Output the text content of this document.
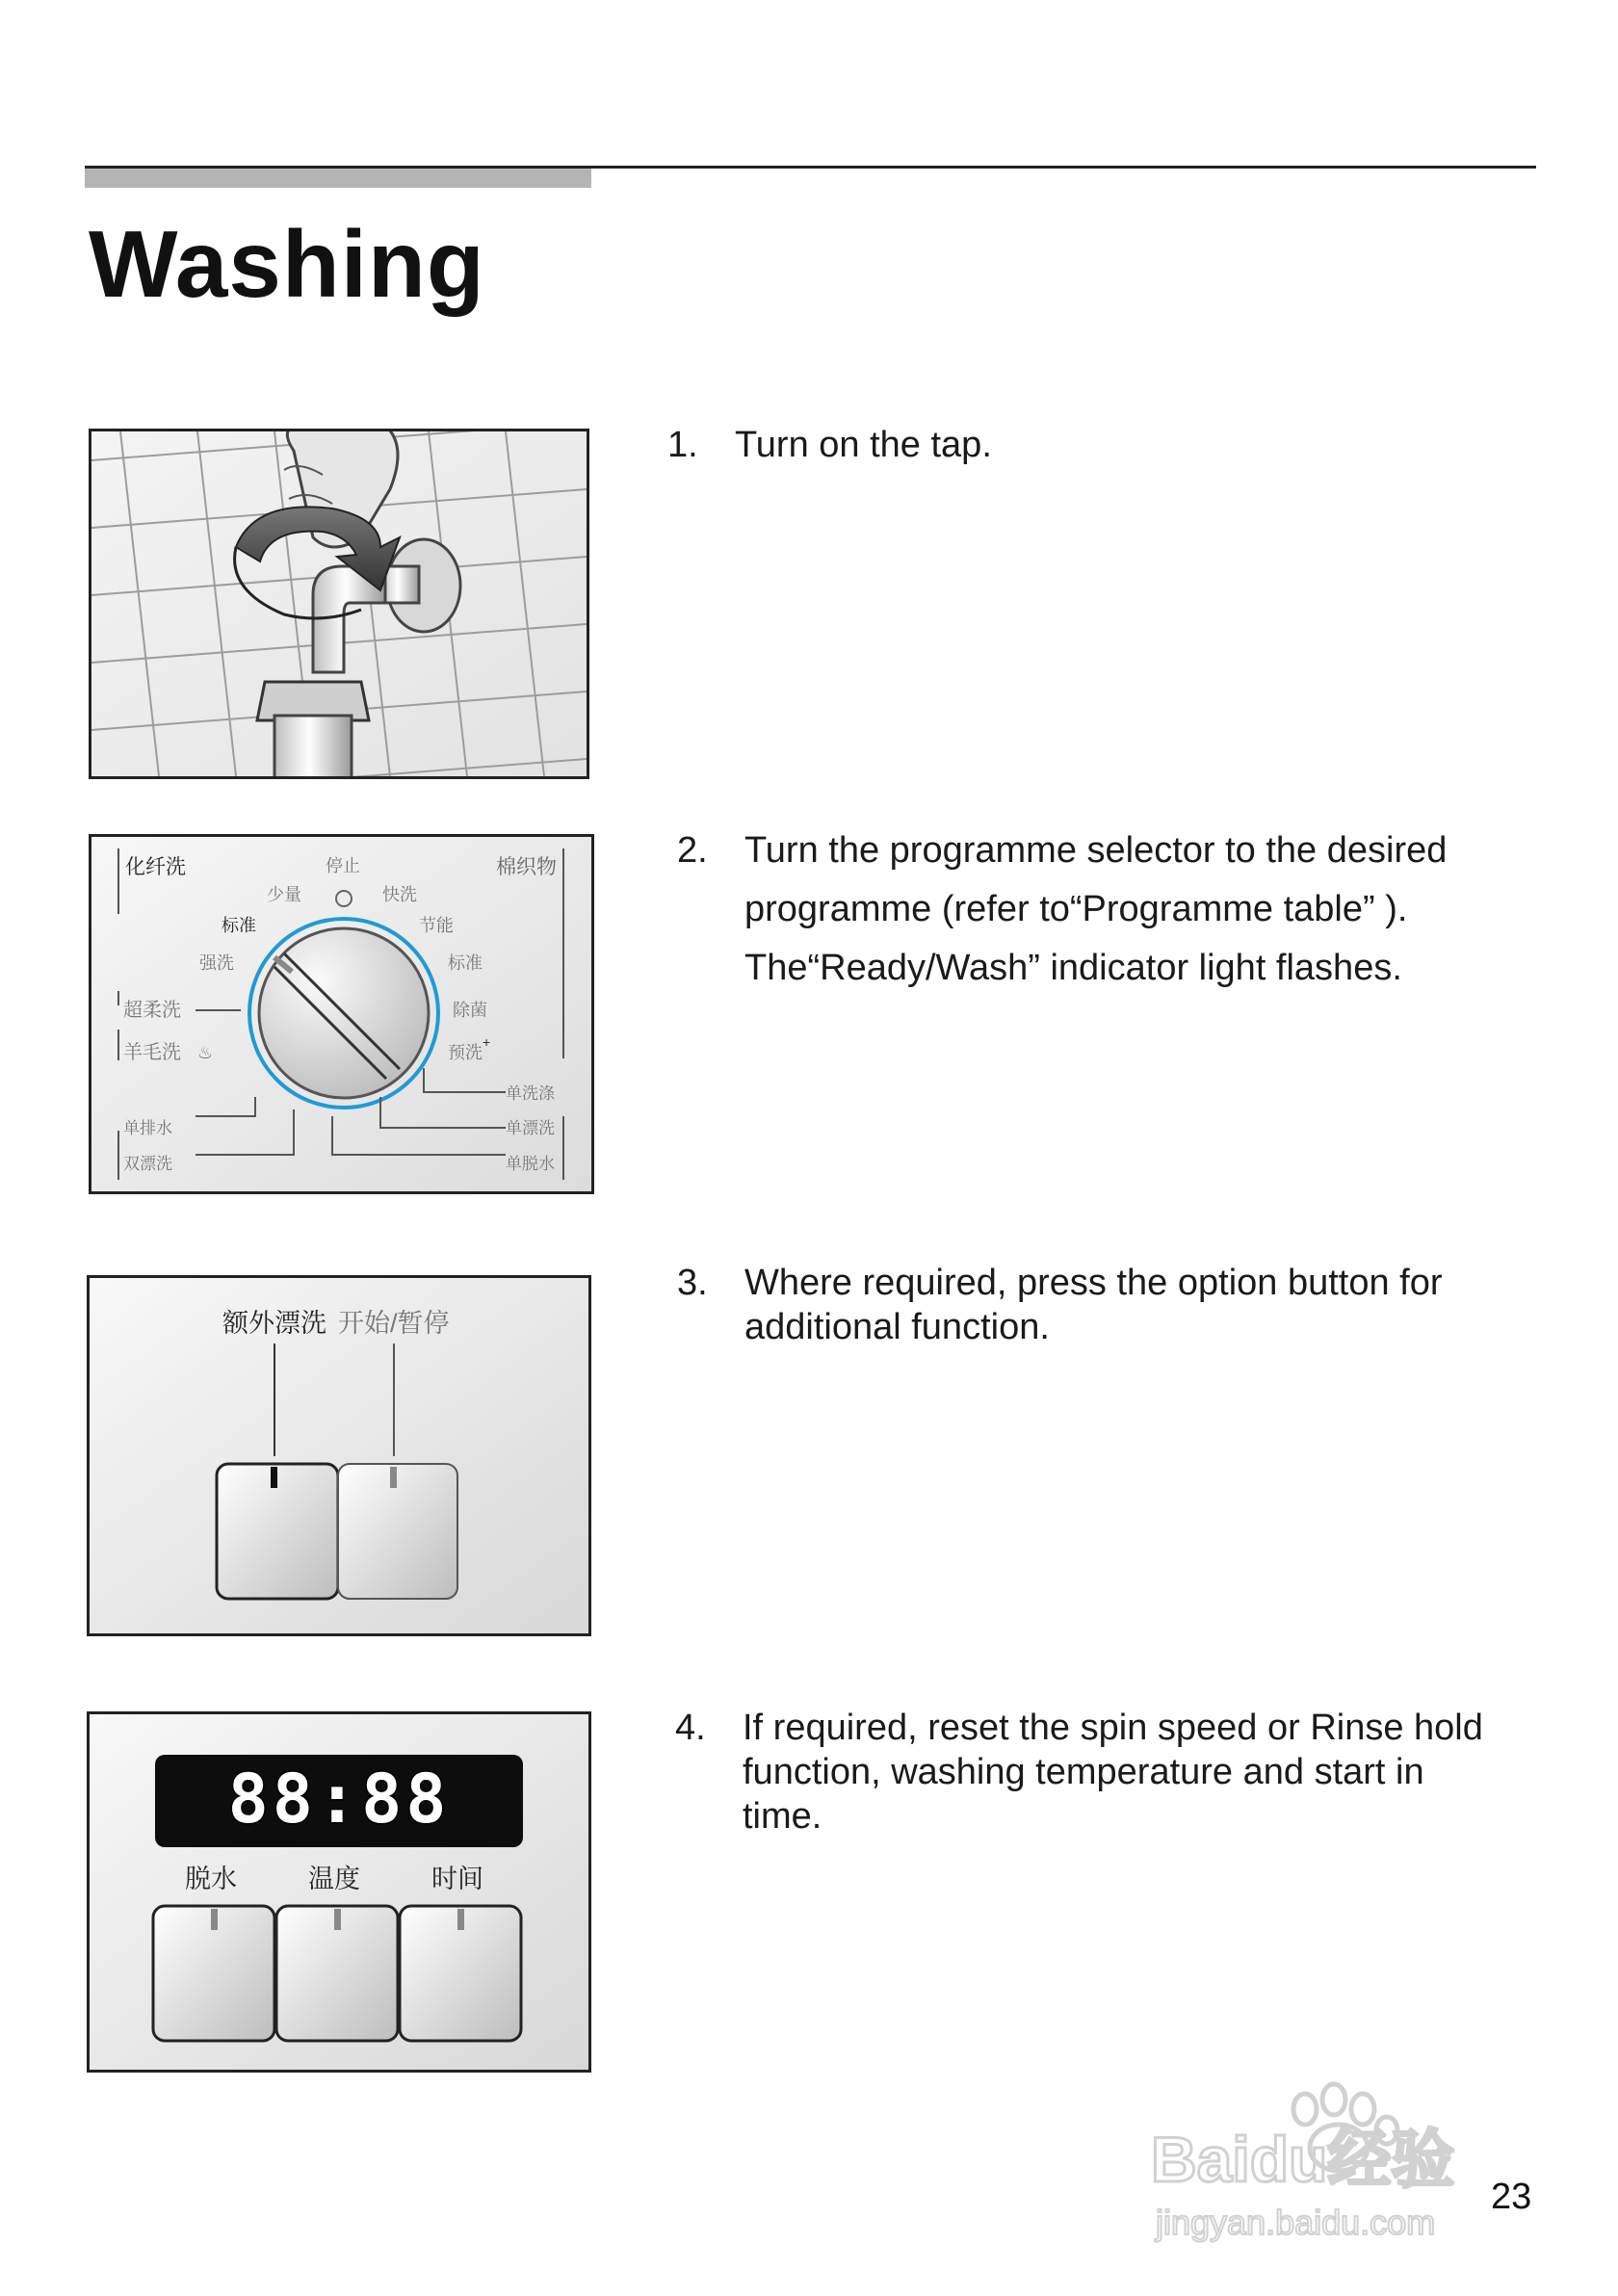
Washing
化纤洗	棉织物
停止
少量	快洗
标准	节能
强洗	标准
超柔洗	除菌
羊毛洗 ♨	预洗
+
单洗涤
单排水	单漂洗
双漂洗	单脱水
额外漂洗 开始/暂停
88:88
脱水	温度	时间
1. Turn on the tap.
2. Turn the programme selector to the desired
programme (refer to“Programme table” ).
The“Ready/Wash” indicator light flashes.
3. Where required, press the option button for
additional function.
4. If required, reset the spin speed or Rinse hold
function, washing temperature and start in
time.
Baidu经验
jingyan.baidu.com
23
